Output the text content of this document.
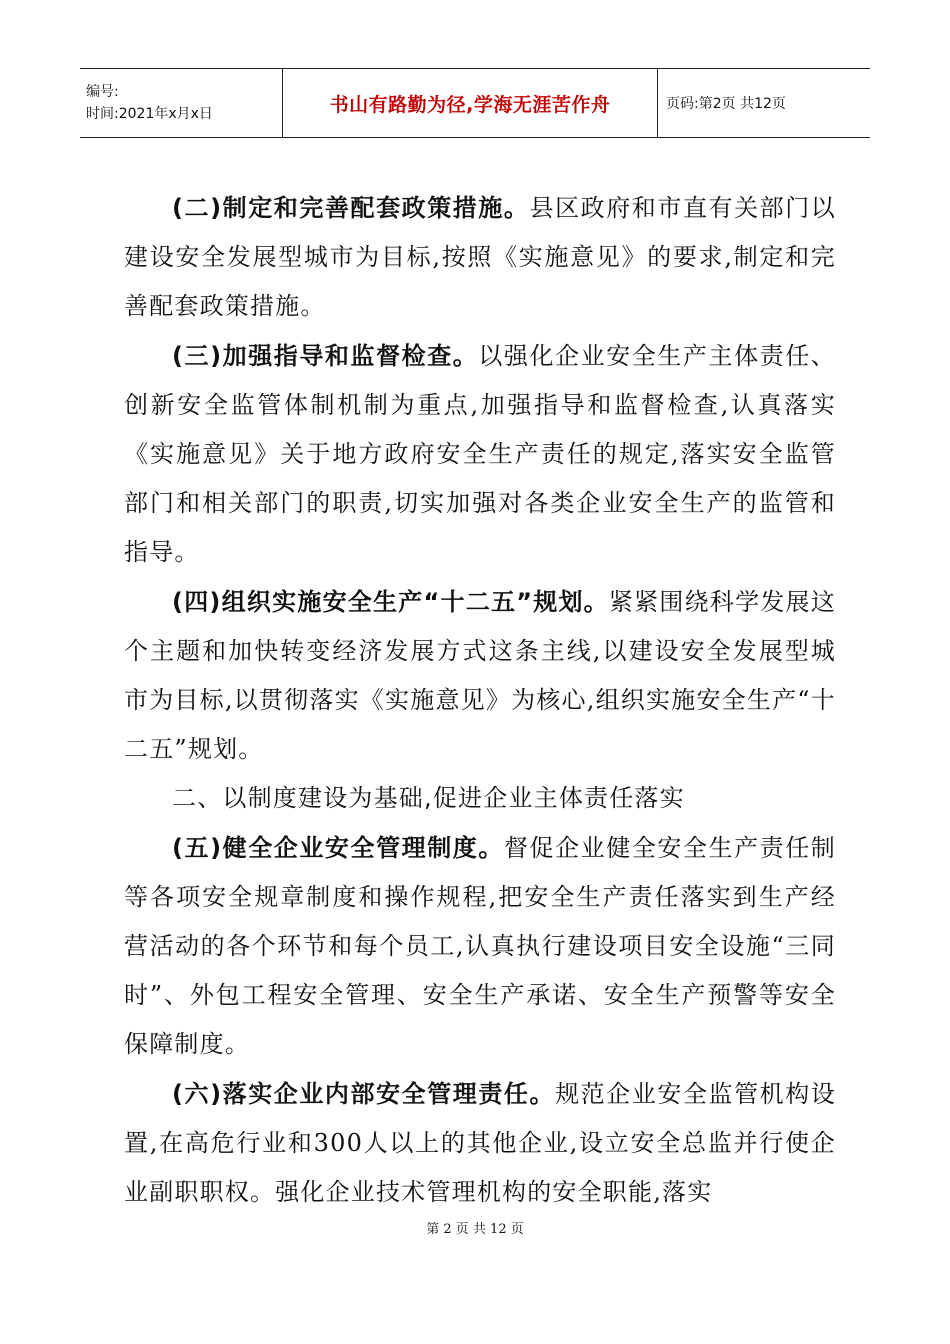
编号:
时间:2021年x月x日	书山有路勤为径,学海无涯苦作舟	页码:第2页 共12页

(二)制定和完善配套政策措施。县区政府和市直有关部门以建设安全发展型城市为目标,按照《实施意见》的要求,制定和完善配套政策措施。

(三)加强指导和监督检查。以强化企业安全生产主体责任、创新安全监管体制机制为重点,加强指导和监督检查,认真落实《实施意见》关于地方政府安全生产责任的规定,落实安全监管部门和相关部门的职责,切实加强对各类企业安全生产的监管和指导。

(四)组织实施安全生产“十二五”规划。紧紧围绕科学发展这个主题和加快转变经济发展方式这条主线,以建设安全发展型城市为目标,以贯彻落实《实施意见》为核心,组织实施安全生产“十二五”规划。

二、以制度建设为基础,促进企业主体责任落实

(五)健全企业安全管理制度。督促企业健全安全生产责任制等各项安全规章制度和操作规程,把安全生产责任落实到生产经营活动的各个环节和每个员工,认真执行建设项目安全设施“三同时”、外包工程安全管理、安全生产承诺、安全生产预警等安全保障制度。

(六)落实企业内部安全管理责任。规范企业安全监管机构设置,在高危行业和300人以上的其他企业,设立安全总监并行使企业副职职权。强化企业技术管理机构的安全职能,落实

第 2 页 共 12 页
